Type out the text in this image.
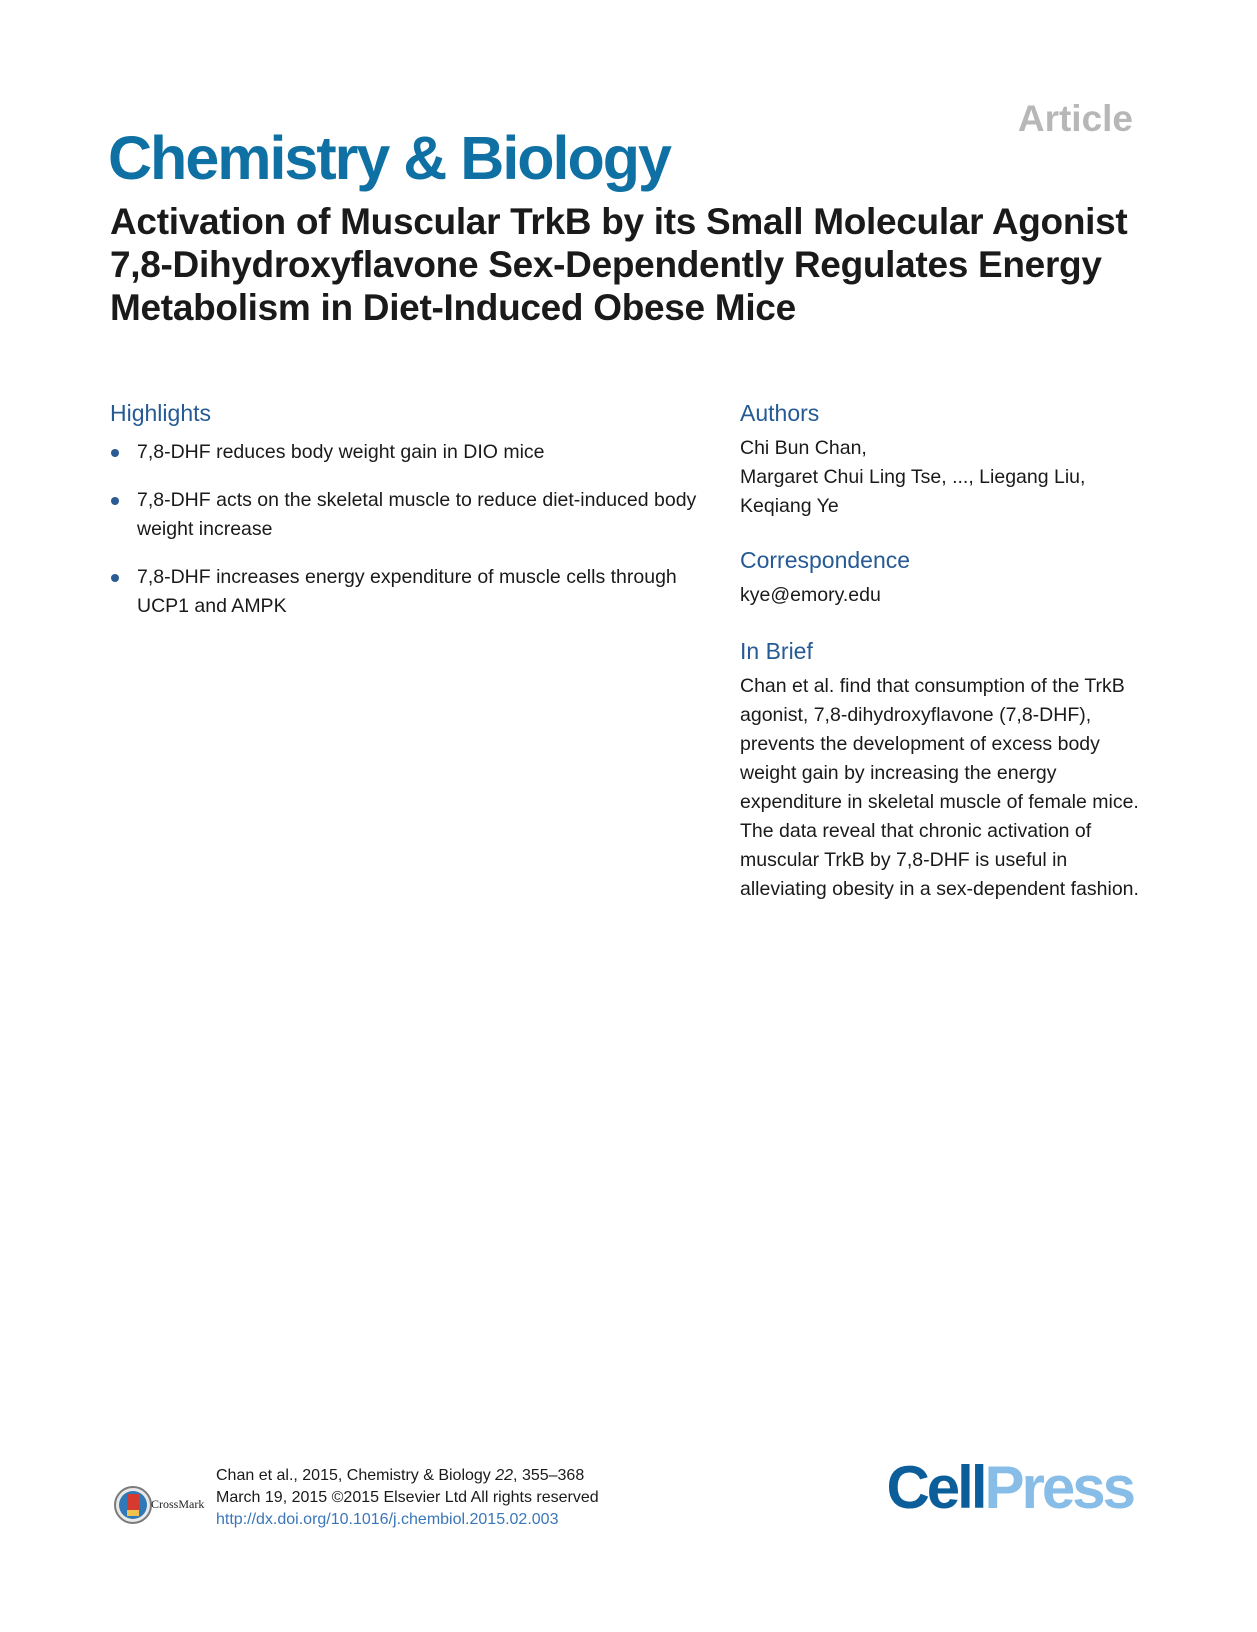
Article
Chemistry & Biology
Activation of Muscular TrkB by its Small Molecular Agonist 7,8-Dihydroxyflavone Sex-Dependently Regulates Energy Metabolism in Diet-Induced Obese Mice
Highlights
7,8-DHF reduces body weight gain in DIO mice
7,8-DHF acts on the skeletal muscle to reduce diet-induced body weight increase
7,8-DHF increases energy expenditure of muscle cells through UCP1 and AMPK
Authors

Chi Bun Chan,
Margaret Chui Ling Tse, ..., Liegang Liu,
Keqiang Ye

Correspondence

kye@emory.edu

In Brief

Chan et al. find that consumption of the TrkB agonist, 7,8-dihydroxyflavone (7,8-DHF), prevents the development of excess body weight gain by increasing the energy expenditure in skeletal muscle of female mice. The data reveal that chronic activation of muscular TrkB by 7,8-DHF is useful in alleviating obesity in a sex-dependent fashion.

CrossMark
Chan et al., 2015, Chemistry & Biology 22, 355–368
March 19, 2015 ©2015 Elsevier Ltd All rights reserved
http://dx.doi.org/10.1016/j.chembiol.2015.02.003	CellPress
